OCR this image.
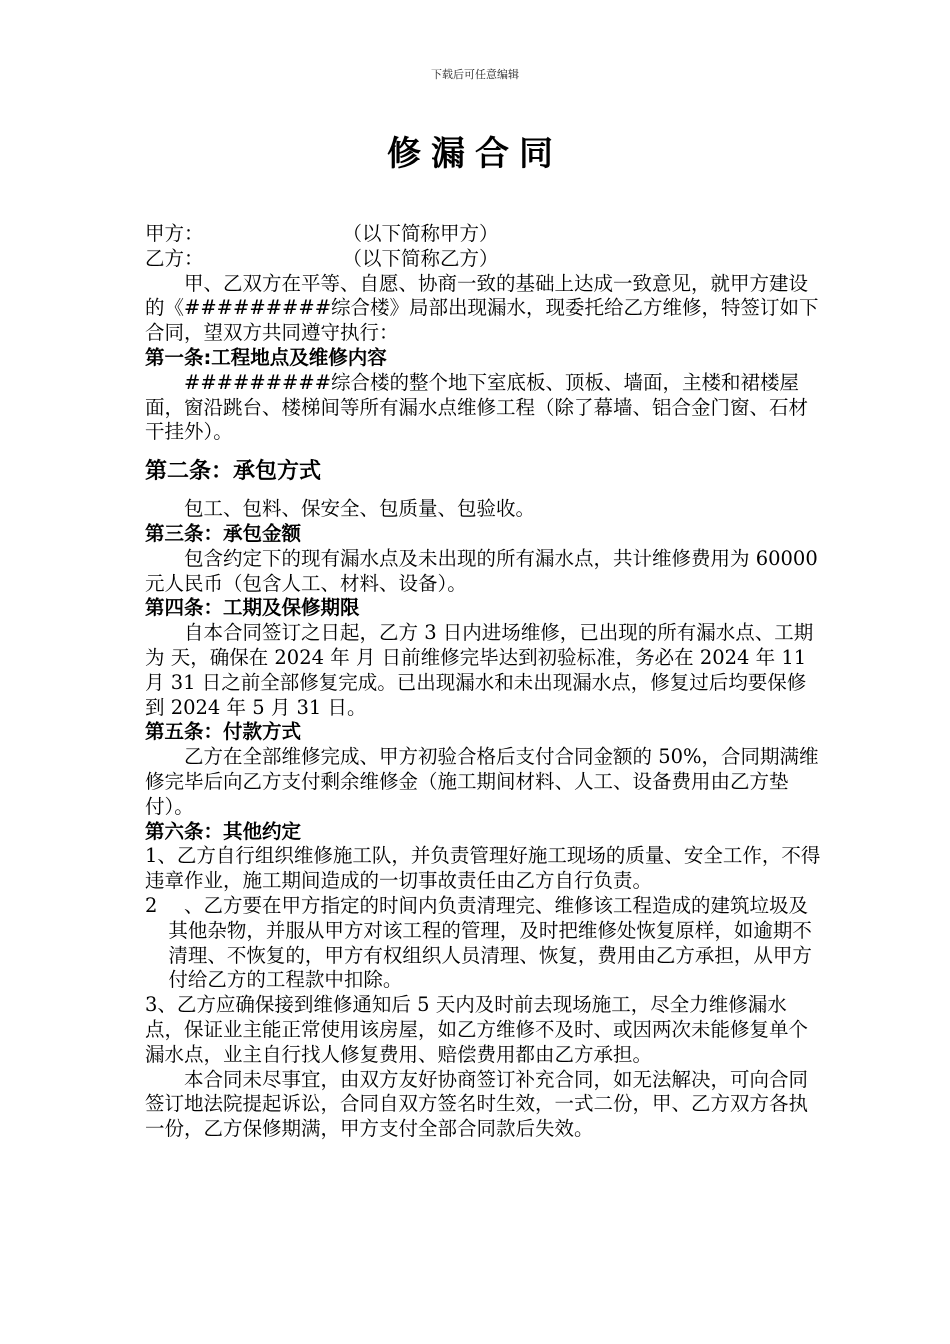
下载后可任意编辑
修漏合同

甲方：	（以下简称甲方）

乙方：	（以下简称乙方）

甲、乙双方在平等、自愿、协商一致的基础上达成一致意见，就甲方建设的《#########综合楼》局部出现漏水，现委托给乙方维修，特签订如下合同，望双方共同遵守执行：

第一条:工程地点及维修内容

#########综合楼的整个地下室底板、顶板、墙面，主楼和裙楼屋面，窗沿跳台、楼梯间等所有漏水点维修工程（除了幕墙、铝合金门窗、石材干挂外）。

第二条：承包方式

包工、包料、保安全、包质量、包验收。

第三条：承包金额

包含约定下的现有漏水点及未出现的所有漏水点，共计维修费用为 60000 元人民币（包含人工、材料、设备）。

第四条：工期及保修期限

自本合同签订之日起，乙方 3 日内进场维修，已出现的所有漏水点、工期为 天，确保在 2024 年 月 日前维修完毕达到初验标准，务必在 2024 年 11 月 31 日之前全部修复完成。已出现漏水和未出现漏水点，修复过后均要保修到 2024 年 5 月 31 日。

第五条：付款方式

乙方在全部维修完成、甲方初验合格后支付合同金额的 50%，合同期满维修完毕后向乙方支付剩余维修金（施工期间材料、人工、设备费用由乙方垫付）。

第六条：其他约定

1、乙方自行组织维修施工队，并负责管理好施工现场的质量、安全工作，不得违章作业，施工期间造成的一切事故责任由乙方自行负责。

2 、乙方要在甲方指定的时间内负责清理完、维修该工程造成的建筑垃圾及其他杂物，并服从甲方对该工程的管理，及时把维修处恢复原样，如逾期不清理、不恢复的，甲方有权组织人员清理、恢复，费用由乙方承担，从甲方付给乙方的工程款中扣除。

3、乙方应确保接到维修通知后 5 天内及时前去现场施工，尽全力维修漏水点，保证业主能正常使用该房屋，如乙方维修不及时、或因两次未能修复单个漏水点，业主自行找人修复费用、赔偿费用都由乙方承担。

本合同未尽事宜，由双方友好协商签订补充合同，如无法解决，可向合同签订地法院提起诉讼，合同自双方签名时生效，一式二份，甲、乙方双方各执一份，乙方保修期满，甲方支付全部合同款后失效。
